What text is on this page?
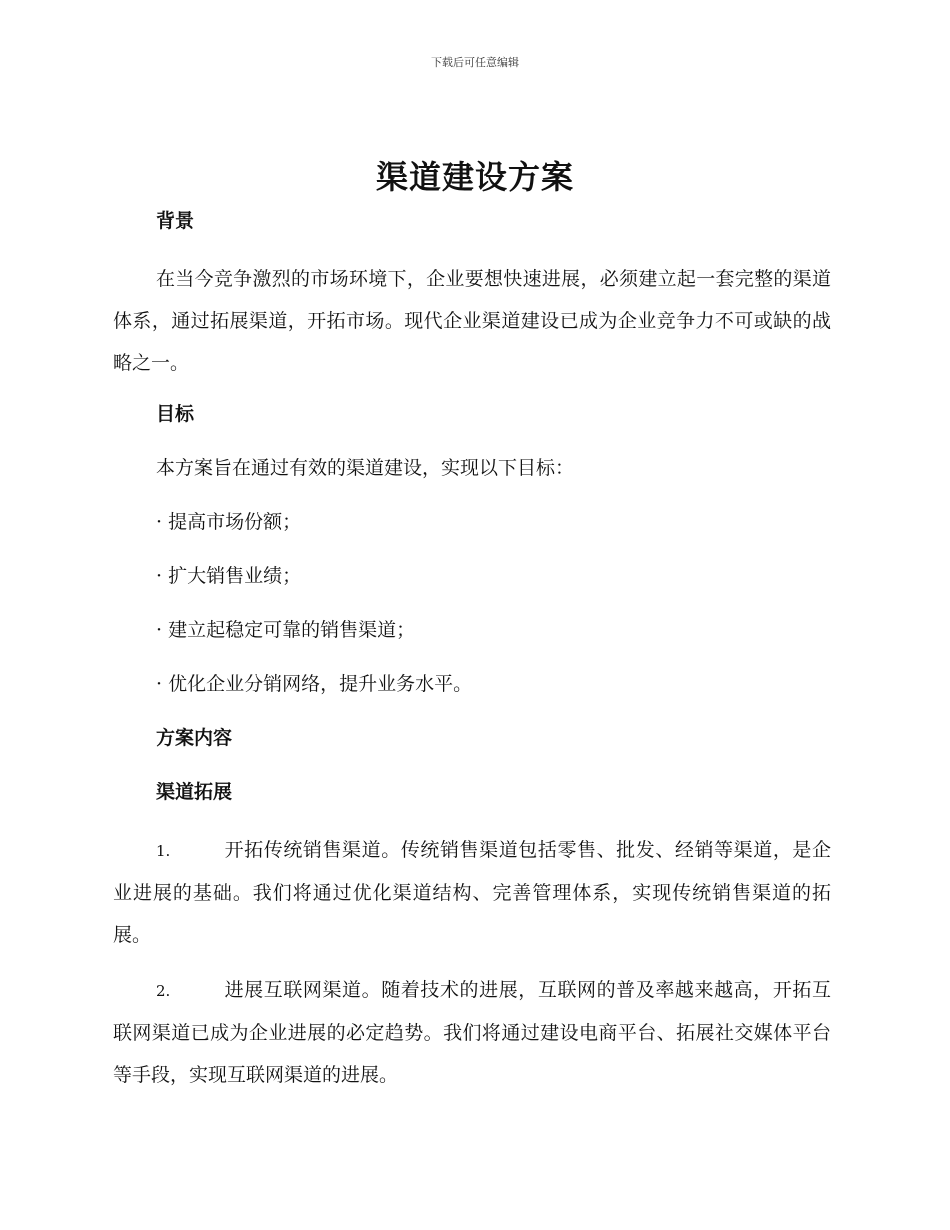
下载后可任意编辑
渠道建设方案
背景

在当今竞争激烈的市场环境下，企业要想快速进展，必须建立起一套完整的渠道体系，通过拓展渠道，开拓市场。现代企业渠道建设已成为企业竞争力不可或缺的战略之一。

目标

本方案旨在通过有效的渠道建设，实现以下目标：

· 提高市场份额；
· 扩大销售业绩；
· 建立起稳定可靠的销售渠道；
· 优化企业分销网络，提升业务水平。
方案内容
渠道拓展

1.	开拓传统销售渠道。传统销售渠道包括零售、批发、经销等渠道，是企业进展的基础。我们将通过优化渠道结构、完善管理体系，实现传统销售渠道的拓展。

2.	进展互联网渠道。随着技术的进展，互联网的普及率越来越高，开拓互联网渠道已成为企业进展的必定趋势。我们将通过建设电商平台、拓展社交媒体平台等手段，实现互联网渠道的进展。
